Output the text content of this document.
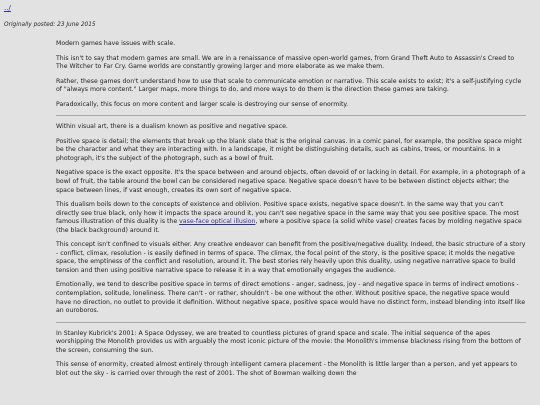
../
Originally posted: 23 June 2015

Modern games have issues with scale.

This isn't to say that modern games are small. We are in a renaissance of massive open-world games, from Grand Theft Auto to Assassin's Creed to The Witcher to Far Cry. Game worlds are constantly growing larger and more elaborate as we make them.

Rather, these games don't understand how to use that scale to communicate emotion or narrative. This scale exists to exist; it's a self-justifying cycle of "always more content." Larger maps, more things to do, and more ways to do them is the direction these games are taking.

Paradoxically, this focus on more content and larger scale is destroying our sense of enormity.

Within visual art, there is a dualism known as positive and negative space.

Positive space is detail; the elements that break up the blank slate that is the original canvas. In a comic panel, for example, the positive space might be the character and what they are interacting with. In a landscape, it might be distinguishing details, such as cabins, trees, or mountains. In a photograph, it's the subject of the photograph, such as a bowl of fruit.

Negative space is the exact opposite. It's the space between and around objects, often devoid of or lacking in detail. For example, in a photograph of a bowl of fruit, the table around the bowl can be considered negative space. Negative space doesn't have to be between distinct objects either; the space between lines, if vast enough, creates its own sort of negative space.

This dualism boils down to the concepts of existence and oblivion. Positive space exists, negative space doesn't. In the same way that you can't directly see true black, only how it impacts the space around it, you can't see negative space in the same way that you see positive space. The most famous illustration of this duality is the vase-face optical illusion, where a positive space (a solid white vase) creates faces by molding negative space (the black background) around it.

This concept isn't confined to visuals either. Any creative endeavor can benefit from the positive/negative duality. Indeed, the basic structure of a story - conflict, climax, resolution - is easily defined in terms of space. The climax, the focal point of the story, is the positive space; it molds the negative space, the emptiness of the conflict and resolution, around it. The best stories rely heavily upon this duality, using negative narrative space to build tension and then using positive narrative space to release it in a way that emotionally engages the audience.

Emotionally, we tend to describe positive space in terms of direct emotions - anger, sadness, joy - and negative space in terms of indirect emotions - contemplation, solitude, loneliness. There can't - or rather, shouldn't - be one without the other. Without positive space, the negative space would have no direction, no outlet to provide it definition. Without negative space, positive space would have no distinct form, instead blending into itself like an ouroboros.

In Stanley Kubrick's 2001: A Space Odyssey, we are treated to countless pictures of grand space and scale. The initial sequence of the apes worshipping the Monolith provides us with arguably the most iconic picture of the movie: the Monolith's immense blackness rising from the bottom of the screen, consuming the sun.

This sense of enormity, created almost entirely through intelligent camera placement - the Monolith is little larger than a person, and yet appears to blot out the sky - is carried over through the rest of 2001. The shot of Bowman walking down the
